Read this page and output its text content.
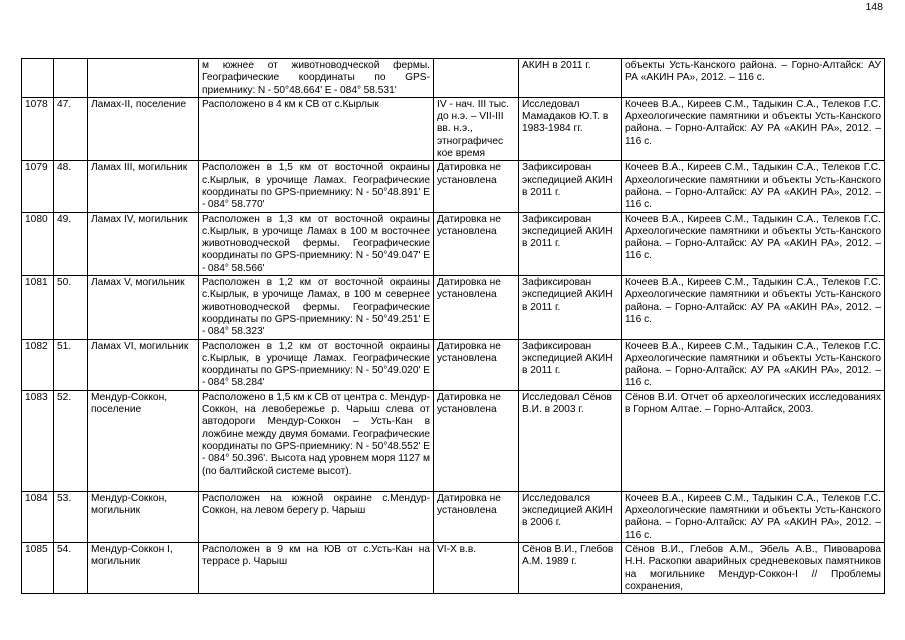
148
			м южнее от животноводческой фермы. Географические координаты по GPS-приемнику: N - 50°48.664' E - 084° 58.531'		АКИН в 2011 г.	объекты Усть-Канского района. – Горно-Алтайск: АУ РА «АКИН РА», 2012. – 116 с.
1078	47.	Ламах-II, поселение	Расположено в 4 км к СВ от с.Кырлык	IV - нач. III тыс. до н.э. – VII-III вв. н.э., этнографичес кое время	Исследовал Мамадаков Ю.Т. в 1983-1984 гг.	Кочеев В.А., Киреев С.М., Тадыкин С.А., Телеков Г.С. Археологические памятники и объекты Усть-Канского района. – Горно-Алтайск: АУ РА «АКИН РА», 2012. – 116 с.
1079	48.	Ламах III, могильник	Расположен в 1,5 км от восточной окраины с.Кырлык, в урочище Ламах. Географические координаты по GPS-приемнику: N - 50°48.891' E - 084° 58.770'	Датировка не установлена	Зафиксирован экспедицией АКИН в 2011 г.	Кочеев В.А., Киреев С.М., Тадыкин С.А., Телеков Г.С. Археологические памятники и объекты Усть-Канского района. – Горно-Алтайск: АУ РА «АКИН РА», 2012. – 116 с.
1080	49.	Ламах IV, могильник	Расположен в 1,3 км от восточной окраины с.Кырлык, в урочище Ламах в 100 м восточнее животноводческой фермы. Географические координаты по GPS-приемнику: N - 50°49.047' E - 084° 58.566'	Датировка не установлена	Зафиксирован экспедицией АКИН в 2011 г.	Кочеев В.А., Киреев С.М., Тадыкин С.А., Телеков Г.С. Археологические памятники и объекты Усть-Канского района. – Горно-Алтайск: АУ РА «АКИН РА», 2012. – 116 с.
1081	50.	Ламах V, могильник	Расположен в 1,2 км от восточной окраины с.Кырлык, в урочище Ламах, в 100 м севернее животноводческой фермы. Географические координаты по GPS-приемнику: N - 50°49.251' E - 084° 58.323'	Датировка не установлена	Зафиксирован экспедицией АКИН в 2011 г.	Кочеев В.А., Киреев С.М., Тадыкин С.А., Телеков Г.С. Археологические памятники и объекты Усть-Канского района. – Горно-Алтайск: АУ РА «АКИН РА», 2012. – 116 с.
1082	51.	Ламах VI, могильник	Расположен в 1,2 км от восточной окраины с.Кырлык, в урочище Ламах. Географические координаты по GPS-приемнику: N - 50°49.020' E - 084° 58.284'	Датировка не установлена	Зафиксирован экспедицией АКИН в 2011 г.	Кочеев В.А., Киреев С.М., Тадыкин С.А., Телеков Г.С. Археологические памятники и объекты Усть-Канского района. – Горно-Алтайск: АУ РА «АКИН РА», 2012. – 116 с.
1083	52.	Мендур-Соккон, поселение	Расположено в 1,5 км к СВ от центра с. Мендур-Соккон, на левобережье р. Чарыш слева от автодороги Мендур-Соккон – Усть-Кан в ложбине между двумя бомами. Географические координаты по GPS-приемнику: N - 50°48.552' E - 084° 50.396'. Высота над уровнем моря 1127 м (по балтийской системе высот).	Датировка не установлена	Исследовал Сёнов В.И. в 2003 г.	Сёнов В.И. Отчет об археологических исследованиях в Горном Алтае. – Горно-Алтайск, 2003.
1084	53.	Мендур-Соккон, могильник	Расположен на южной окраине с.Мендур-Соккон, на левом берегу р. Чарыш	Датировка не установлена	Исследовался экспедицией АКИН в 2006 г.	Кочеев В.А., Киреев С.М., Тадыкин С.А., Телеков Г.С. Археологические памятники и объекты Усть-Канского района. – Горно-Алтайск: АУ РА «АКИН РА», 2012. – 116 с.
1085	54.	Мендур-Соккон I, могильник	Расположен в 9 км на ЮВ от с.Усть-Кан на террасе р. Чарыш	VI-X в.в.	Сёнов В.И., Глебов А.М. 1989 г.	Сёнов В.И., Глебов А.М., Эбель А.В., Пивоварова Н.Н. Раскопки аварийных средневековых памятников на могильнике Мендур-Соккон-I // Проблемы сохранения,
